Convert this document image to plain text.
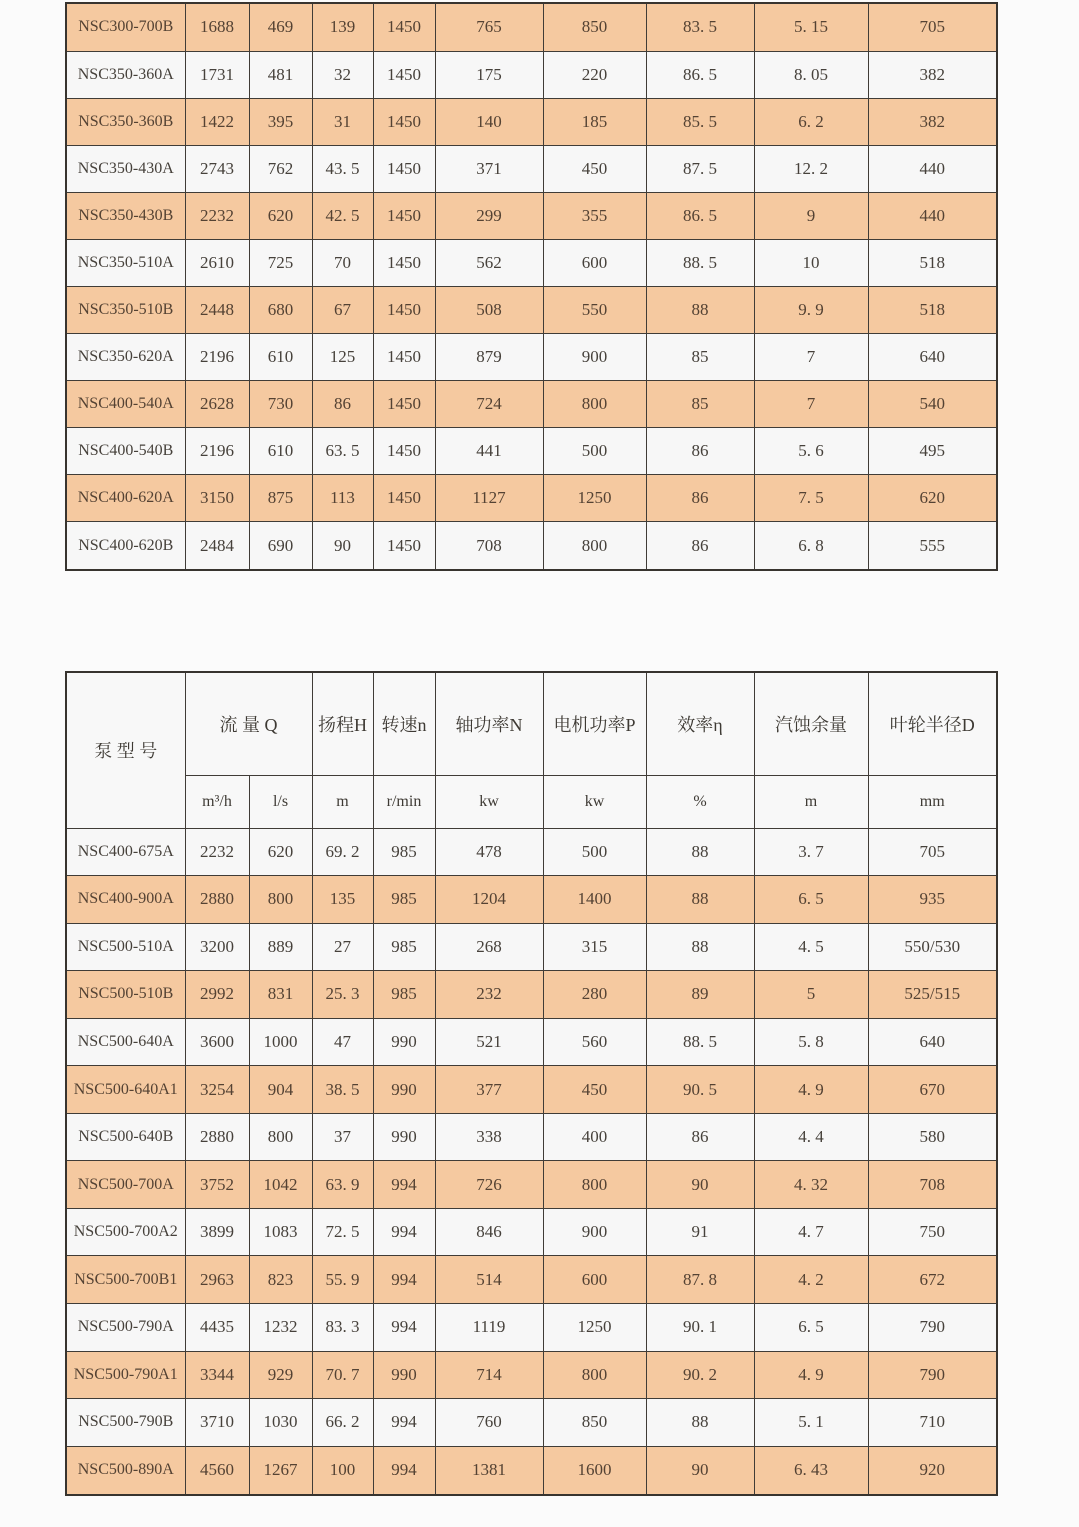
NSC300-700B	1688	469	139	1450	765	850	83. 5	5. 15	705
NSC350-360A	1731	481	32	1450	175	220	86. 5	8. 05	382
NSC350-360B	1422	395	31	1450	140	185	85. 5	6. 2	382
NSC350-430A	2743	762	43. 5	1450	371	450	87. 5	12. 2	440
NSC350-430B	2232	620	42. 5	1450	299	355	86. 5	9	440
NSC350-510A	2610	725	70	1450	562	600	88. 5	10	518
NSC350-510B	2448	680	67	1450	508	550	88	9. 9	518
NSC350-620A	2196	610	125	1450	879	900	85	7	640
NSC400-540A	2628	730	86	1450	724	800	85	7	540
NSC400-540B	2196	610	63. 5	1450	441	500	86	5. 6	495
NSC400-620A	3150	875	113	1450	1127	1250	86	7. 5	620
NSC400-620B	2484	690	90	1450	708	800	86	6. 8	555
泵 型 号	流 量 Q		扬程H	转速n	轴功率N	电机功率P	效率η	汽蚀余量	叶轮半径D
	m³/h	l/s	m	r/min	kw	kw	%	m	mm
NSC400-675A	2232	620	69. 2	985	478	500	88	3. 7	705
NSC400-900A	2880	800	135	985	1204	1400	88	6. 5	935
NSC500-510A	3200	889	27	985	268	315	88	4. 5	550/530
NSC500-510B	2992	831	25. 3	985	232	280	89	5	525/515
NSC500-640A	3600	1000	47	990	521	560	88. 5	5. 8	640
NSC500-640A1	3254	904	38. 5	990	377	450	90. 5	4. 9	670
NSC500-640B	2880	800	37	990	338	400	86	4. 4	580
NSC500-700A	3752	1042	63. 9	994	726	800	90	4. 32	708
NSC500-700A2	3899	1083	72. 5	994	846	900	91	4. 7	750
NSC500-700B1	2963	823	55. 9	994	514	600	87. 8	4. 2	672
NSC500-790A	4435	1232	83. 3	994	1119	1250	90. 1	6. 5	790
NSC500-790A1	3344	929	70. 7	990	714	800	90. 2	4. 9	790
NSC500-790B	3710	1030	66. 2	994	760	850	88	5. 1	710
NSC500-890A	4560	1267	100	994	1381	1600	90	6. 43	920
